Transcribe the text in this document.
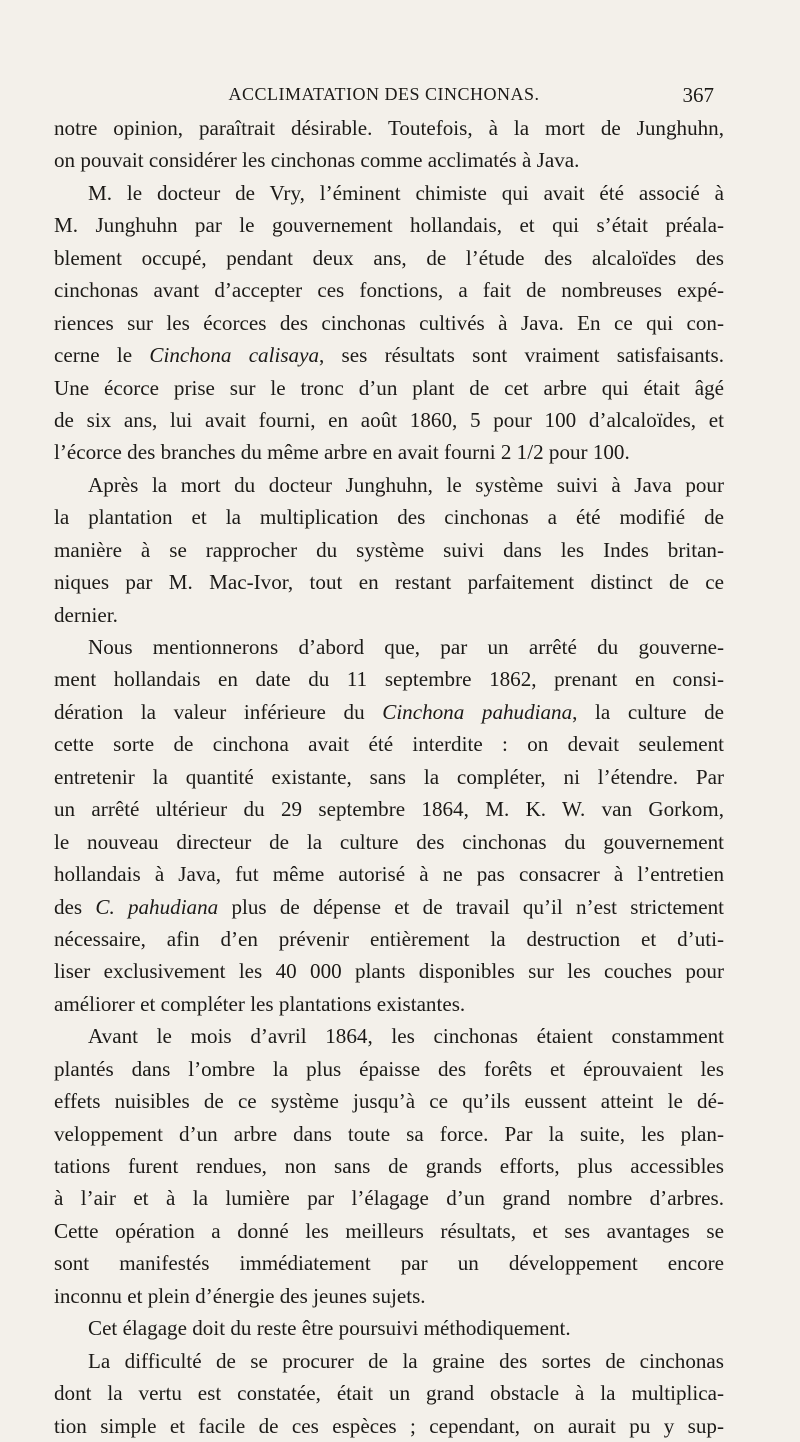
ACCLIMATATION DES CINCHONAS.	367
notre opinion, paraîtrait désirable. Toutefois, à la mort de Junghuhn,
on pouvait considérer les cinchonas comme acclimatés à Java.
M. le docteur de Vry, l’éminent chimiste qui avait été associé à
M. Junghuhn par le gouvernement hollandais, et qui s’était préala-
blement occupé, pendant deux ans, de l’étude des alcaloïdes des
cinchonas avant d’accepter ces fonctions, a fait de nombreuses expé-
riences sur les écorces des cinchonas cultivés à Java. En ce qui con-
cerne le Cinchona calisaya, ses résultats sont vraiment satisfaisants.
Une écorce prise sur le tronc d’un plant de cet arbre qui était âgé
de six ans, lui avait fourni, en août 1860, 5 pour 100 d’alcaloïdes, et
l’écorce des branches du même arbre en avait fourni 2 1/2 pour 100.
Après la mort du docteur Junghuhn, le système suivi à Java pour
la plantation et la multiplication des cinchonas a été modifié de
manière à se rapprocher du système suivi dans les Indes britan-
niques par M. Mac-Ivor, tout en restant parfaitement distinct de ce
dernier.
Nous mentionnerons d’abord que, par un arrêté du gouverne-
ment hollandais en date du 11 septembre 1862, prenant en consi-
dération la valeur inférieure du Cinchona pahudiana, la culture de
cette sorte de cinchona avait été interdite : on devait seulement
entretenir la quantité existante, sans la compléter, ni l’étendre. Par
un arrêté ultérieur du 29 septembre 1864, M. K. W. van Gorkom,
le nouveau directeur de la culture des cinchonas du gouvernement
hollandais à Java, fut même autorisé à ne pas consacrer à l’entretien
des C. pahudiana plus de dépense et de travail qu’il n’est strictement
nécessaire, afin d’en prévenir entièrement la destruction et d’uti-
liser exclusivement les 40 000 plants disponibles sur les couches pour
améliorer et compléter les plantations existantes.
Avant le mois d’avril 1864, les cinchonas étaient constamment
plantés dans l’ombre la plus épaisse des forêts et éprouvaient les
effets nuisibles de ce système jusqu’à ce qu’ils eussent atteint le dé-
veloppement d’un arbre dans toute sa force. Par la suite, les plan-
tations furent rendues, non sans de grands efforts, plus accessibles
à l’air et à la lumière par l’élagage d’un grand nombre d’arbres.
Cette opération a donné les meilleurs résultats, et ses avantages se
sont manifestés immédiatement par un développement encore
inconnu et plein d’énergie des jeunes sujets.
Cet élagage doit du reste être poursuivi méthodiquement.
La difficulté de se procurer de la graine des sortes de cinchonas
dont la vertu est constatée, était un grand obstacle à la multiplica-
tion simple et facile de ces espèces ; cependant, on aurait pu y sup-
